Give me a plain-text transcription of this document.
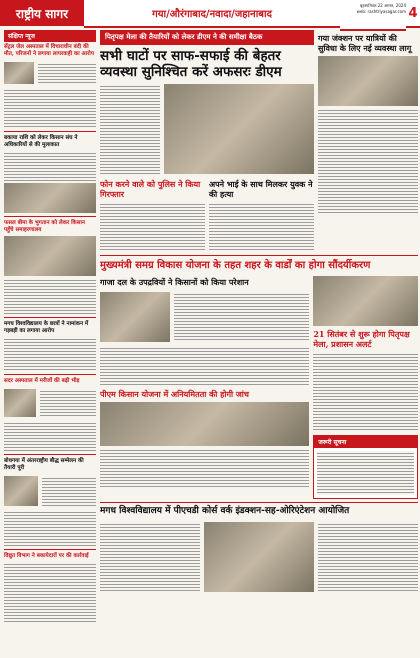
राष्ट्रीय सागर	गया/औरंगाबाद/नवादा/जहानाबाद
बृहस्पतिवार 22 अगस्त, 2024
web: rashtriyasagar.com 4
संक्षिप्त न्यूज
सेंट्रल जेल अस्पताल में विचाराधीन बंदी की मौत, परिजनों ने लगाया लापरवाही का आरोप
बकाया राशि को लेकर किसान संघ ने अधिकारियों से की मुलाकात
फसल बीमा के भुगतान को लेकर किसान पहुँचे समाहरणालय
मगध विश्वविद्यालय के छात्रों ने नामांकन में गड़बड़ी का लगाया आरोप
सदर अस्पताल में मरीजों की बढ़ी भीड़
बोधगया में अंतरराष्ट्रीय बौद्ध सम्मेलन की तैयारी पूरी
विद्युत विभाग ने बकायेदारों पर की कार्रवाई
पितृपक्ष मेला की तैयारियों को लेकर डीएम ने की समीक्षा बैठक
सभी घाटों पर साफ-सफाई की बेहतर व्यवस्था सुनिश्चित करें अफसरः डीएम
फोन करने वाले को पुलिस ने किया गिरफ्तार
अपने भाई के साथ मिलकर युवक ने की हत्या
गया जंक्शन पर यात्रियों की सुविधा के लिए नई व्यवस्था लागू
मुख्यमंत्री समग्र विकास योजना के तहत शहर के वार्डों का होगा सौंदर्यीकरण
गाजा दल के उपद्रवियों ने किसानों को किया परेशान
पीएम किसान योजना में अनियमितता की होगी जांच
21 सितंबर से शुरू होगा पितृपक्ष मेला, प्रशासन अलर्ट
जरूरी सूचना
मगध विश्वविद्यालय में पीएचडी कोर्स वर्क इंडक्शन-सह-ओरिएंटेशन आयोजित
